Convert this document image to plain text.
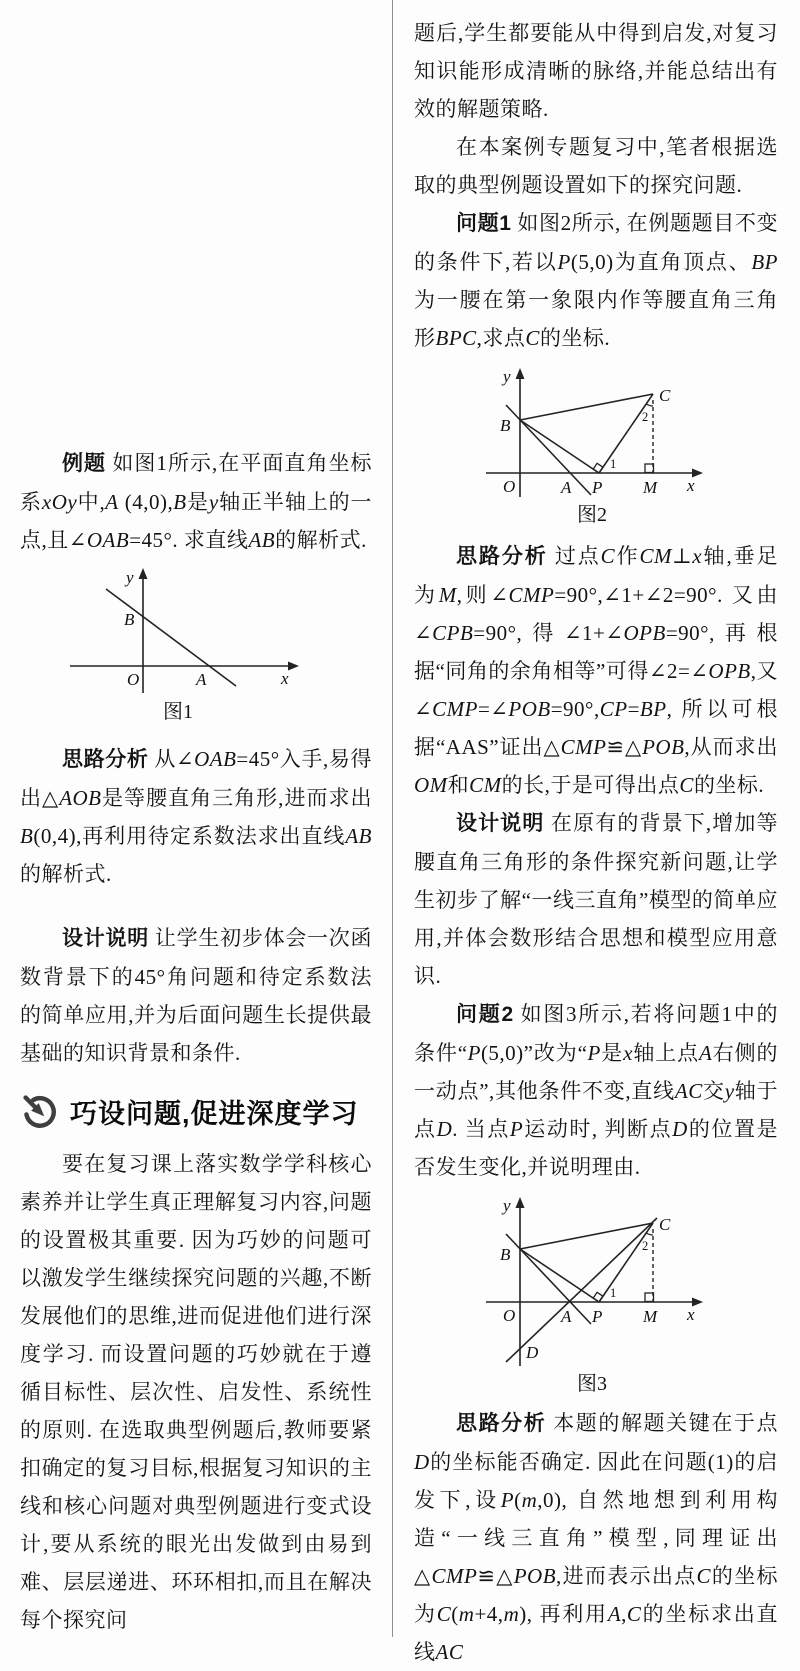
例题 如图1所示,在平面直角坐标系xOy中,A (4,0),B是y轴正半轴上的一点,且∠OAB=45°. 求直线AB的解析式.

y
B
O	A	x
图1

思路分析 从∠OAB=45°入手,易得出△AOB是等腰直角三角形,进而求出B(0,4),再利用待定系数法求出直线AB的解析式.

设计说明 让学生初步体会一次函数背景下的45°角问题和待定系数法的简单应用,并为后面问题生长提供最基础的知识背景和条件.

巧设问题,促进深度学习

要在复习课上落实数学学科核心素养并让学生真正理解复习内容,问题的设置极其重要. 因为巧妙的问题可以激发学生继续探究问题的兴趣,不断发展他们的思维,进而促进他们进行深度学习. 而设置问题的巧妙就在于遵循目标性、层次性、启发性、系统性的原则. 在选取典型例题后,教师要紧扣确定的复习目标,根据复习知识的主线和核心问题对典型例题进行变式设计,要从系统的眼光出发做到由易到难、层层递进、环环相扣,而且在解决每个探究问

题后,学生都要能从中得到启发,对复习知识能形成清晰的脉络,并能总结出有效的解题策略.

在本案例专题复习中,笔者根据选取的典型例题设置如下的探究问题.

问题1 如图2所示, 在例题题目不变的条件下,若以P(5,0)为直角顶点、BP为一腰在第一象限内作等腰直角三角形BPC,求点C的坐标.

y
B
O	A P M x
C
1
2
图2

思路分析 过点C作CM⊥x轴,垂足为M,则∠CMP=90°,∠1+∠2=90°. 又由∠CPB=90°,得∠1+∠OPB=90°,再根据“同角的余角相等”可得∠2=∠OPB,又∠CMP=∠POB=90°,CP=BP, 所以可根据“AAS”证出△CMP≌△POB,从而求出OM和CM的长,于是可得出点C的坐标.

设计说明 在原有的背景下,增加等腰直角三角形的条件探究新问题,让学生初步了解“一线三直角”模型的简单应用,并体会数形结合思想和模型应用意识.

问题2 如图3所示,若将问题1中的条件“P(5,0)”改为“P是x轴上点A右侧的一动点”,其他条件不变,直线AC交y轴于点D. 当点P运动时, 判断点D的位置是否发生变化,并说明理由.

y
B
O	A P M x
C
D
1
2
图3

思路分析 本题的解题关键在于点D的坐标能否确定. 因此在问题(1)的启发下,设P(m,0), 自然地想到利用构造“一线三直角”模型,同理证出△CMP≌△POB,进而表示出点C的坐标为C(m+4,m), 再利用A,C的坐标求出直线AC
